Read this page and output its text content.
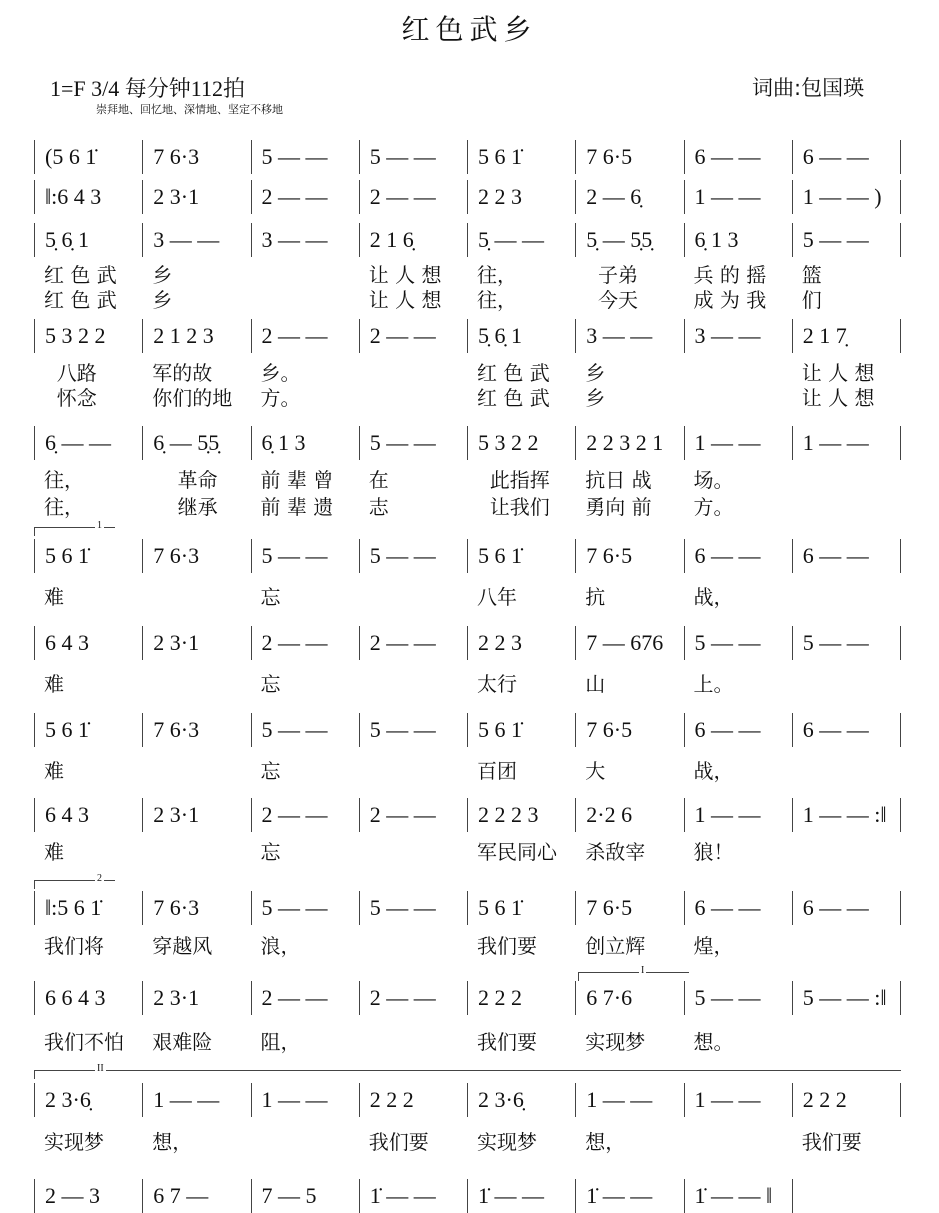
红色武乡
1=F 3/4 每分钟112拍
崇拜地、回忆地、深情地、坚定不移地
词曲:包国瑛
1
2
I
II
(5 6 1̇	7 6·3	5 — —	5 — —	5 6 1̇	7 6·5	6 — —	6 — —
‖:6 4 3	2 3·1	2 — —	2 — —	2 2 3	2 — 6̣	1 — —	1 — — )
5̣ 6̣ 1	3 — —	3 — —	2 1 6̣	5̣ — —	5̣ — 5̣5̣	6̣ 1 3	5 — —
红 色 武	乡	让 人 想	往，	子弟	兵 的 摇	篮
红 色 武	乡	让 人 想	往，	今天	成 为 我	们
5 3 2 2	2 1 2 3	2 — —	2 — —	5̣ 6̣ 1	3 — —	3 — —	2 1 7̣
八路	军的故	乡。	红 色 武	乡	让 人 想
怀念	你们的地	方。	红 色 武	乡	让 人 想
6̣ — —	6̣ — 5̣5̣	6̣ 1 3	5 — —	5 3 2 2	2 2 3 2 1	1 — —	1 — —
往，	革命	前 辈 曾	在	此指挥	抗日 战	场。
往，	继承	前 辈 遗	志	让我们	勇向 前	方。
5 6 1̇	7 6·3	5 — —	5 — —	5 6 1̇	7 6·5	6 — —	6 — —
难	忘	八年	抗	战，
6 4 3	2 3·1	2 — —	2 — —	2 2 3	7 — 676	5 — —	5 — —
难	忘	太行	山	上。
5 6 1̇	7 6·3	5 — —	5 — —	5 6 1̇	7 6·5	6 — —	6 — —
难	忘	百团	大	战，
6 4 3	2 3·1	2 — —	2 — —	2 2 2 3	2·2 6	1 — —	1 — — :‖
难	忘	军民同心	杀敌宰	狼！
‖:5 6 1̇	7 6·3	5 — —	5 — —	5 6 1̇	7 6·5	6 — —	6 — —
我们将	穿越风	浪，	我们要	创立辉	煌，
6 6 4 3	2 3·1	2 — —	2 — —	2 2 2	6 7·6	5 — —	5 — — :‖
我们不怕	艰难险	阻，	我们要	实现梦	想。
2 3·6̣	1 — —	1 — —	2 2 2	2 3·6̣	1 — —	1 — —	2 2 2
实现梦	想，	我们要	实现梦	想，	我们要
2 — 3	6 7 —	7 — 5	1̇ — —	1̇ — —	1̇ — —	1̇ — — ‖
